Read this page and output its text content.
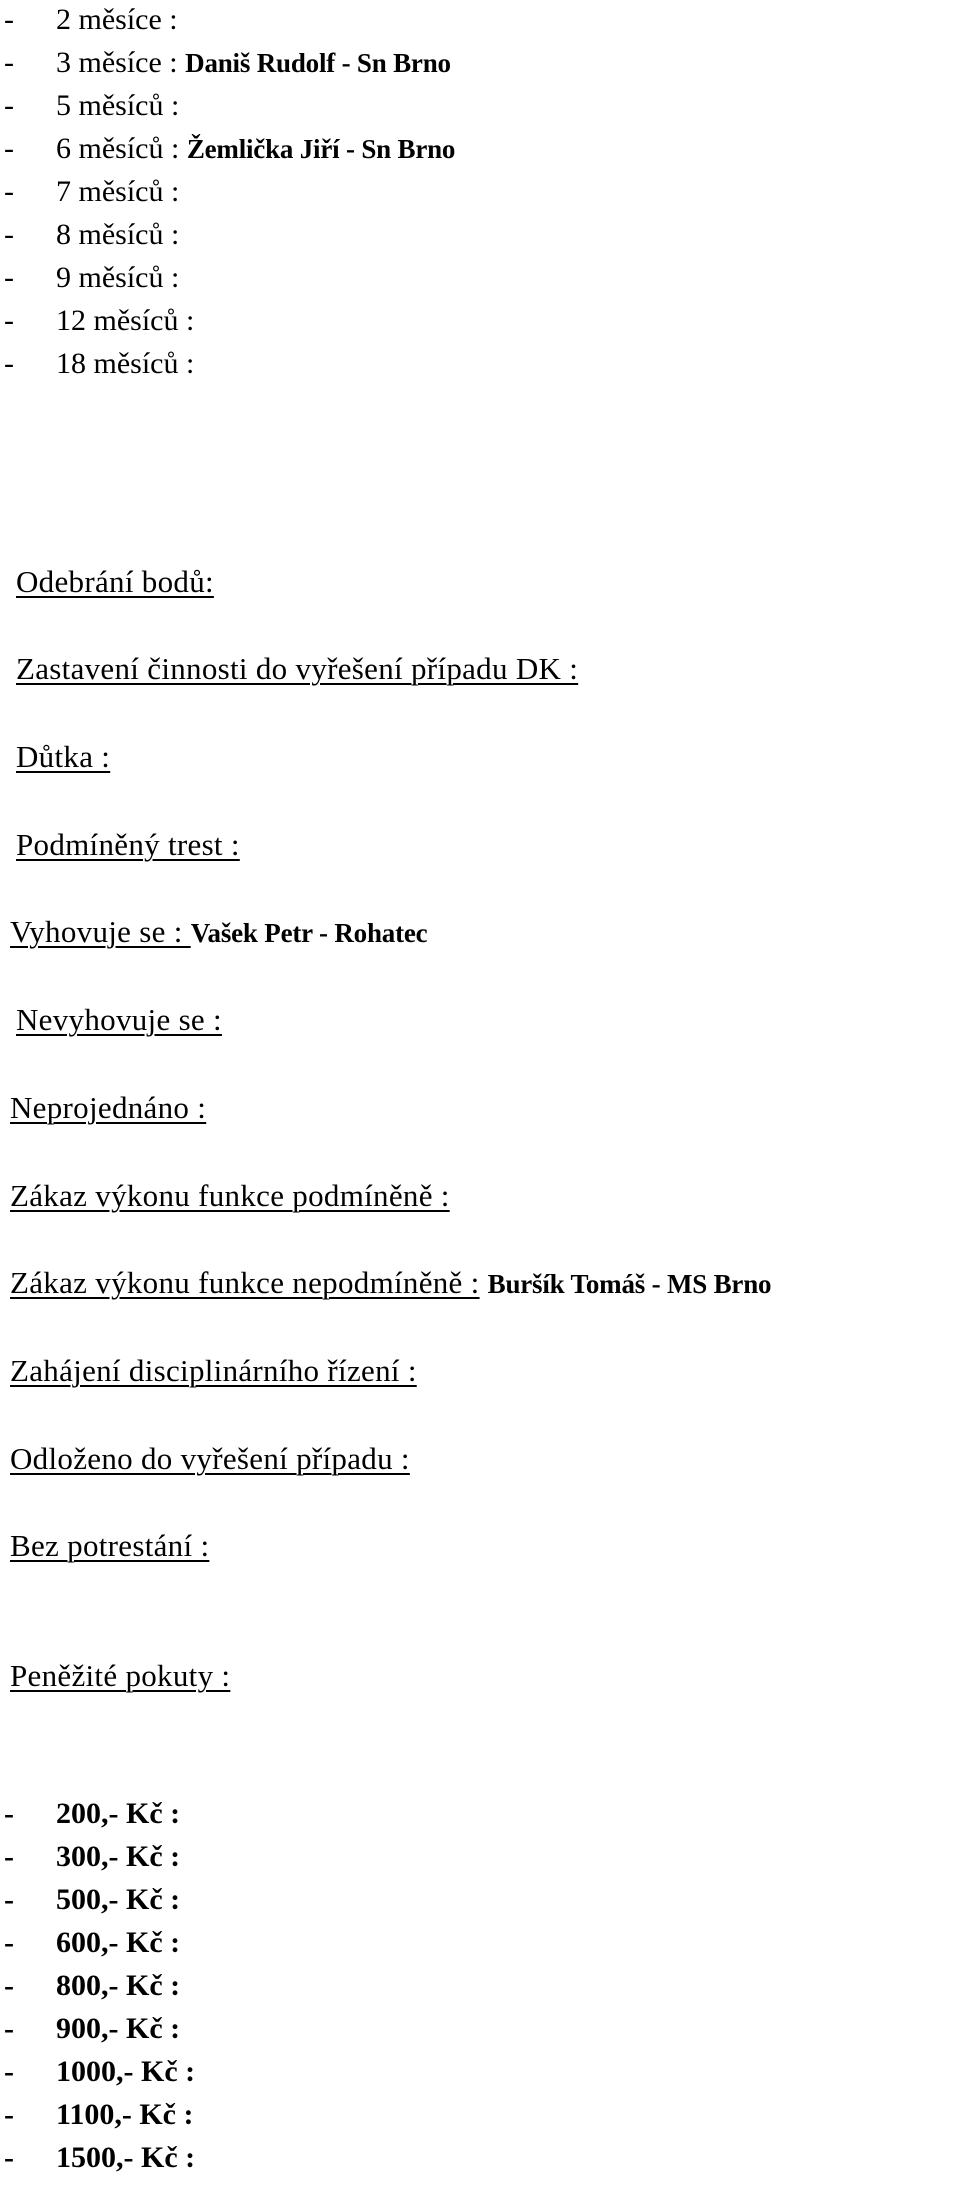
- 2 měsíce :
- 3 měsíce : Daniš Rudolf - Sn Brno
- 5 měsíců :
- 6 měsíců : Žemlička Jiří - Sn Brno
- 7 měsíců :
- 8 měsíců :
- 9 měsíců :
- 12 měsíců :
- 18 měsíců :
Odebrání bodů:
Zastavení činnosti do vyřešení případu DK :
Důtka :
Podmíněný trest :
Vyhovuje se : Vašek Petr - Rohatec
Nevyhovuje se :
Neprojednáno :
Zákaz výkonu funkce podmíněně :
Zákaz výkonu funkce nepodmíněně : Buršík Tomáš - MS Brno
Zahájení disciplinárního řízení :
Odloženo do vyřešení případu :
Bez potrestání :
Peněžité pokuty :
- 200,- Kč :
- 300,- Kč :
- 500,- Kč :
- 600,- Kč :
- 800,- Kč :
- 900,- Kč :
- 1000,- Kč :
- 1100,- Kč :
- 1500,- Kč :
